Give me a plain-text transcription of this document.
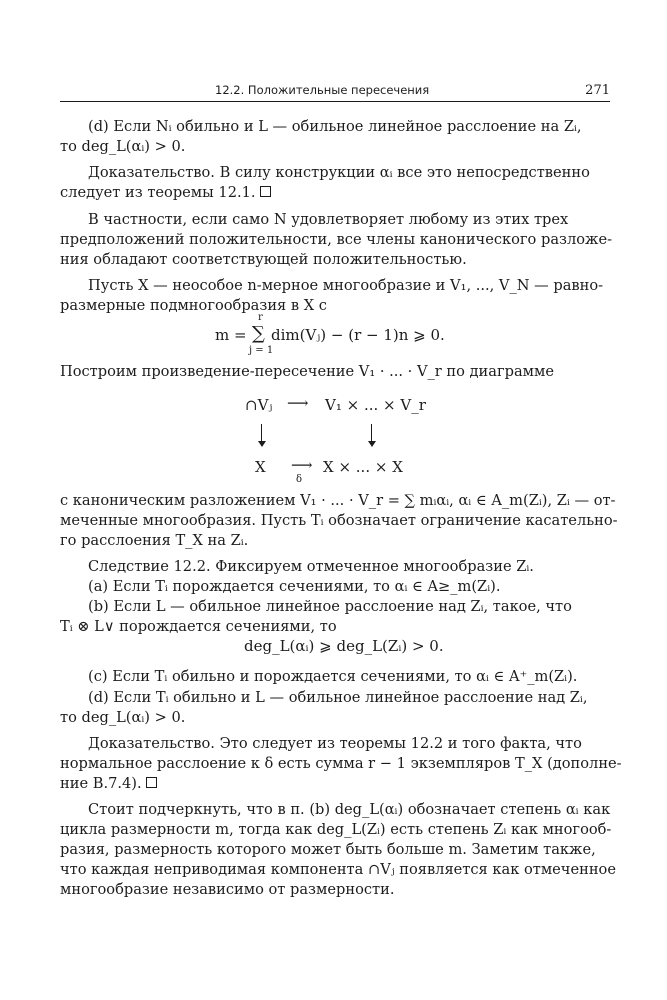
12.2. Положительные пересечения	271
(d) Если Nᵢ обильно и L — обильное линейное расслоение на Zᵢ,
то deg_L(αᵢ) > 0.
Доказательство. В силу конструкции αᵢ все это непосредственно
следует из теоремы 12.1.
В частности, если само N удовлетворяет любому из этих трех
предположений положительности, все члены канонического разложе-
ния обладают соответствующей положительностью.
Пусть X — неособое n-мерное многообразие и V₁, ..., V_N — равно-
размерные подмногообразия в X с
m =
r
∑
j = 1
dim(Vⱼ) − (r − 1)n ⩾ 0.
Построим произведение-пересечение V₁ · ... · V_r по диаграмме
∩Vⱼ ⟶ V₁ × ... × V_r
X ⟶
δ
X × ... × X
с каноническим разложением V₁ · ... · V_r = ∑ mᵢαᵢ, αᵢ ∈ A_m(Zᵢ), Zᵢ — от-
меченные многообразия. Пусть Tᵢ обозначает ограничение касательно-
го расслоения T_X на Zᵢ.
Следствие 12.2. Фиксируем отмеченное многообразие Zᵢ.
(a) Если Tᵢ порождается сечениями, то αᵢ ∈ A≥_m(Zᵢ).
(b) Если L — обильное линейное расслоение над Zᵢ, такое, что
Tᵢ ⊗ L∨ порождается сечениями, то
deg_L(αᵢ) ⩾ deg_L(Zᵢ) > 0.
(c) Если Tᵢ обильно и порождается сечениями, то αᵢ ∈ A⁺_m(Zᵢ).
(d) Если Tᵢ обильно и L — обильное линейное расслоение над Zᵢ,
то deg_L(αᵢ) > 0.
Доказательство. Это следует из теоремы 12.2 и того факта, что
нормальное расслоение к δ есть сумма r − 1 экземпляров T_X (дополне-
ние B.7.4).
Стоит подчеркнуть, что в п. (b) deg_L(αᵢ) обозначает степень αᵢ как
цикла размерности m, тогда как deg_L(Zᵢ) есть степень Zᵢ как многооб-
разия, размерность которого может быть больше m. Заметим также,
что каждая неприводимая компонента ∩Vⱼ появляется как отмеченное
многообразие независимо от размерности.
